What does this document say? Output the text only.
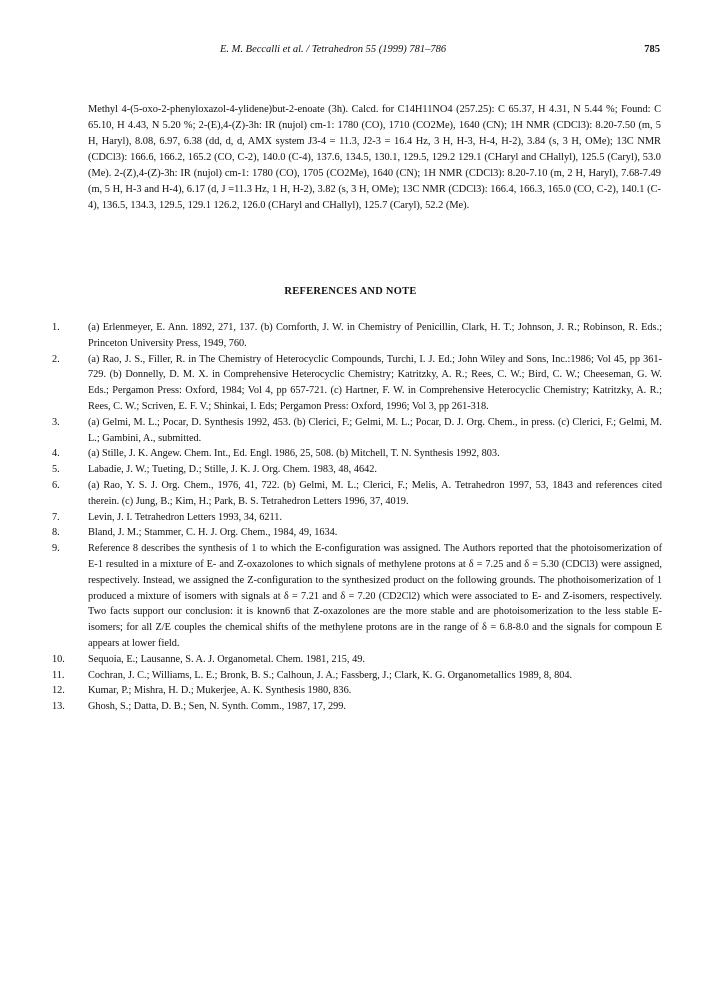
E. M. Beccalli et al. / Tetrahedron 55 (1999) 781–786	785

Methyl 4-(5-oxo-2-phenyloxazol-4-ylidene)but-2-enoate (3h). Calcd. for C14H11NO4 (257.25): C 65.37, H 4.31, N 5.44 %; Found: C 65.10, H 4.43, N 5.20 %; 2-(E),4-(Z)-3h: IR (nujol) cm-1: 1780 (CO), 1710 (CO2Me), 1640 (CN); 1H NMR (CDCl3): 8.20-7.50 (m, 5 H, Haryl), 8.08, 6.97, 6.38 (dd, d, d, AMX system J3-4 = 11.3, J2-3 = 16.4 Hz, 3 H, H-3, H-4, H-2), 3.84 (s, 3 H, OMe); 13C NMR (CDCl3): 166.6, 166.2, 165.2 (CO, C-2), 140.0 (C-4), 137.6, 134.5, 130.1, 129.5, 129.2 129.1 (CHaryl and CHallyl), 125.5 (Caryl), 53.0 (Me). 2-(Z),4-(Z)-3h: IR (nujol) cm-1: 1780 (CO), 1705 (CO2Me), 1640 (CN); 1H NMR (CDCl3): 8.20-7.10 (m, 2 H, Haryl), 7.68-7.49 (m, 5 H, H-3 and H-4), 6.17 (d, J =11.3 Hz, 1 H, H-2), 3.82 (s, 3 H, OMe); 13C NMR (CDCl3): 166.4, 166.3, 165.0 (CO, C-2), 140.1 (C-4), 136.5, 134.3, 129.5, 129.1 126.2, 126.0 (CHaryl and CHallyl), 125.7 (Caryl), 52.2 (Me).

REFERENCES AND NOTE
1.	(a) Erlenmeyer, E. Ann. 1892, 271, 137. (b) Cornforth, J. W. in Chemistry of Penicillin, Clark, H. T.; Johnson, J. R.; Robinson, R. Eds.; Princeton University Press, 1949, 760.
2.	(a) Rao, J. S., Filler, R. in The Chemistry of Heterocyclic Compounds, Turchi, I. J. Ed.; John Wiley and Sons, Inc.:1986; Vol 45, pp 361-729. (b) Donnelly, D. M. X. in Comprehensive Heterocyclic Chemistry; Katritzky, A. R.; Rees, C. W.; Bird, C. W.; Cheeseman, G. W. Eds.; Pergamon Press: Oxford, 1984; Vol 4, pp 657-721. (c) Hartner, F. W. in Comprehensive Heterocyclic Chemistry; Katritzky, A. R.; Rees, C. W.; Scriven, E. F. V.; Shinkai, I. Eds; Pergamon Press: Oxford, 1996; Vol 3, pp 261-318.
3.	(a) Gelmi, M. L.; Pocar, D. Synthesis 1992, 453. (b) Clerici, F.; Gelmi, M. L.; Pocar, D. J. Org. Chem., in press. (c) Clerici, F.; Gelmi, M. L.; Gambini, A., submitted.
4.	(a) Stille, J. K. Angew. Chem. Int., Ed. Engl. 1986, 25, 508. (b) Mitchell, T. N. Synthesis 1992, 803.
5.	Labadie, J. W.; Tueting, D.; Stille, J. K. J. Org. Chem. 1983, 48, 4642.
6.	(a) Rao, Y. S. J. Org. Chem., 1976, 41, 722. (b) Gelmi, M. L.; Clerici, F.; Melis, A. Tetrahedron 1997, 53, 1843 and references cited therein. (c) Jung, B.; Kim, H.; Park, B. S. Tetrahedron Letters 1996, 37, 4019.
7.	Levin, J. I. Tetrahedron Letters 1993, 34, 6211.
8.	Bland, J. M.; Stammer, C. H. J. Org. Chem., 1984, 49, 1634.
9.	Reference 8 describes the synthesis of 1 to which the E-configuration was assigned. The Authors reported that the photoisomerization of E-1 resulted in a mixture of E- and Z-oxazolones to which signals of methylene protons at δ = 7.25 and δ = 5.30 (CDCl3) were assigned, respectively. Instead, we assigned the Z-configuration to the synthesized product on the following grounds. The phothoisomerization of 1 produced a mixture of isomers with signals at δ = 7.21 and δ = 7.20 (CD2Cl2) which were associated to E- and Z-isomers, respectively. Two facts support our conclusion: it is known6 that Z-oxazolones are the more stable and are photoisomerization to the less stable E-isomers; for all Z/E couples the chemical shifts of the methylene protons are in the range of δ = 6.8-8.0 and the signals for compoun E appears at lower field.
10. Sequoia, E.; Lausanne, S. A. J. Organometal. Chem. 1981, 215, 49.
11. Cochran, J. C.; Williams, L. E.; Bronk, B. S.; Calhoun, J. A.; Fassberg, J.; Clark, K. G. Organometallics 1989, 8, 804.
12. Kumar, P.; Mishra, H. D.; Mukerjee, A. K. Synthesis 1980, 836.
13. Ghosh, S.; Datta, D. B.; Sen, N. Synth. Comm., 1987, 17, 299.
